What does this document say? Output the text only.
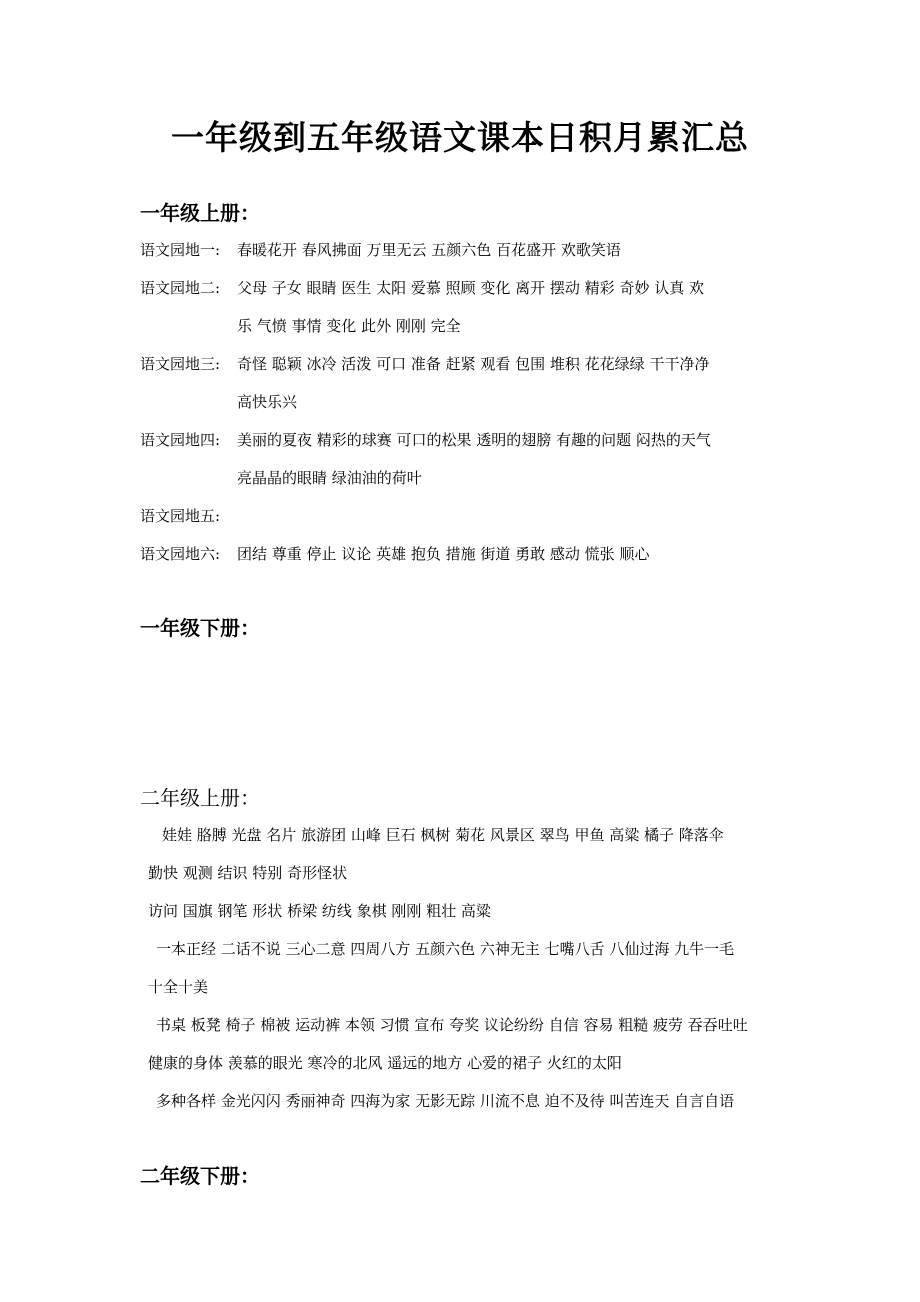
一年级到五年级语文课本日积月累汇总
一年级上册：
语文园地一: 春暖花开 春风拂面 万里无云 五颜六色 百花盛开 欢歌笑语
语文园地二: 父母 子女 眼睛 医生 太阳 爱慕 照顾 变化 离开 摆动 精彩 奇妙 认真 欢
乐 气愤 事情 变化 此外 刚刚 完全
语文园地三: 奇怪 聪颖 冰冷 活泼 可口 准备 赶紧 观看 包围 堆积 花花绿绿 干干净净
高快乐兴
语文园地四: 美丽的夏夜 精彩的球赛 可口的松果 透明的翅膀 有趣的问题 闷热的天气
亮晶晶的眼睛 绿油油的荷叶
语文园地五:
语文园地六: 团结 尊重 停止 议论 英雄 抱负 措施 街道 勇敢 感动 慌张 顺心
一年级下册：
二年级上册：
娃娃 胳膊 光盘 名片 旅游团 山峰 巨石 枫树 菊花 风景区 翠鸟 甲鱼 高粱 橘子 降落伞
勤快 观测 结识 特别 奇形怪状
访问 国旗 钢笔 形状 桥梁 纺线 象棋 刚刚 粗壮 高粱
一本正经 二话不说 三心二意 四周八方 五颜六色 六神无主 七嘴八舌 八仙过海 九牛一毛
十全十美
书桌 板凳 椅子 棉被 运动裤 本领 习惯 宣布 夸奖 议论纷纷 自信 容易 粗糙 疲劳 吞吞吐吐
健康的身体 羡慕的眼光 寒冷的北风 遥远的地方 心爱的裙子 火红的太阳
多种各样 金光闪闪 秀丽神奇 四海为家 无影无踪 川流不息 迫不及待 叫苦连天 自言自语
二年级下册：
